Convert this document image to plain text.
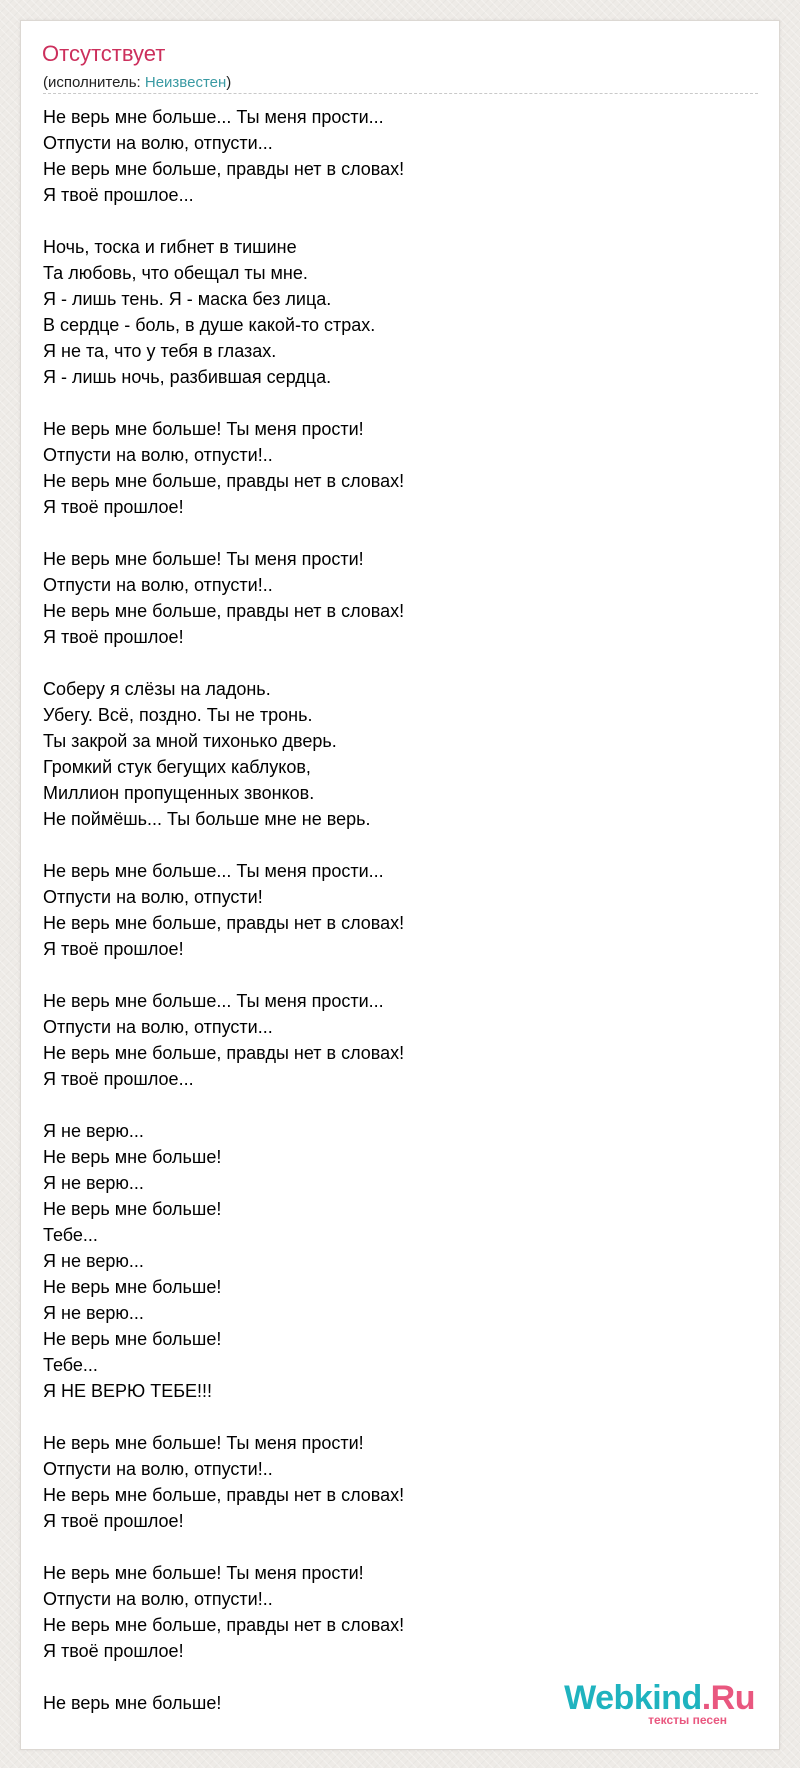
Отсутствует
(исполнитель: Неизвестен)
Не верь мне больше... Ты меня прости...
Отпусти на волю, отпусти...
Не верь мне больше, правды нет в словах!
Я твоё прошлое...
Ночь, тоска и гибнет в тишине
Та любовь, что обещал ты мне.
Я - лишь тень. Я - маска без лица.
В сердце - боль, в душе какой-то страх.
Я не та, что у тебя в глазах.
Я - лишь ночь, разбившая сердца.
Не верь мне больше! Ты меня прости!
Отпусти на волю, отпусти!..
Не верь мне больше, правды нет в словах!
Я твоё прошлое!
Не верь мне больше! Ты меня прости!
Отпусти на волю, отпусти!..
Не верь мне больше, правды нет в словах!
Я твоё прошлое!
Соберу я слёзы на ладонь.
Убегу. Всё, поздно. Ты не тронь.
Ты закрой за мной тихонько дверь.
Громкий стук бегущих каблуков,
Миллион пропущенных звонков.
Не поймёшь... Ты больше мне не верь.
Не верь мне больше... Ты меня прости...
Отпусти на волю, отпусти!
Не верь мне больше, правды нет в словах!
Я твоё прошлое!
Не верь мне больше... Ты меня прости...
Отпусти на волю, отпусти...
Не верь мне больше, правды нет в словах!
Я твоё прошлое...
Я не верю...
Не верь мне больше!
Я не верю...
Не верь мне больше!
Тебе...
Я не верю...
Не верь мне больше!
Я не верю...
Не верь мне больше!
Тебе...
Я НЕ ВЕРЮ ТЕБЕ!!!
Не верь мне больше! Ты меня прости!
Отпусти на волю, отпусти!..
Не верь мне больше, правды нет в словах!
Я твоё прошлое!
Не верь мне больше! Ты меня прости!
Отпусти на волю, отпусти!..
Не верь мне больше, правды нет в словах!
Я твоё прошлое!
Не верь мне больше!	Webkind.Ru
тексты песен
